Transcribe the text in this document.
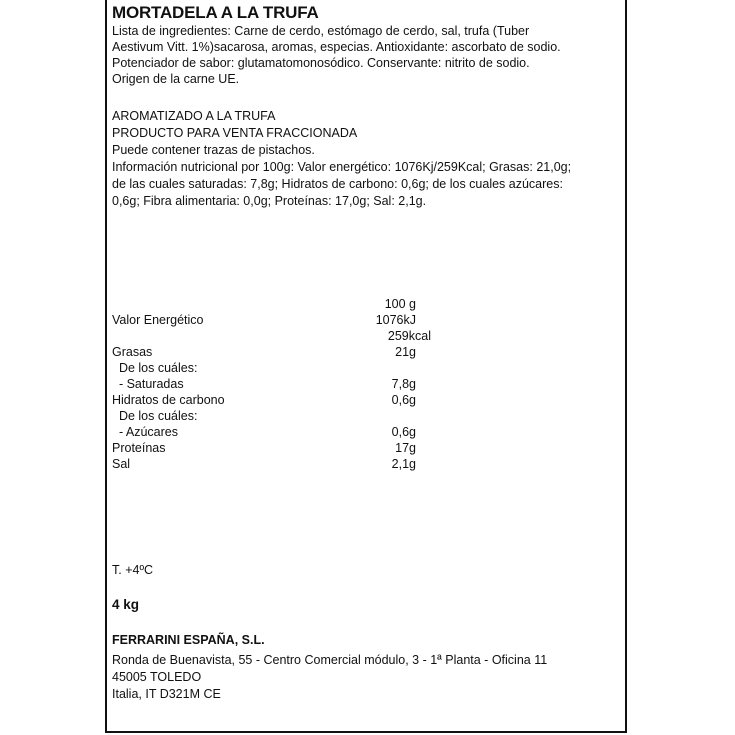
MORTADELA A LA TRUFA
Lista de ingredientes: Carne de cerdo, estómago de cerdo, sal, trufa (Tuber
Aestivum Vitt. 1%)sacarosa, aromas, especias. Antioxidante: ascorbato de sodio.
Potenciador de sabor: glutamatomonosódico. Conservante: nitrito de sodio.
Origen de la carne UE.
AROMATIZADO A LA TRUFA
PRODUCTO PARA VENTA FRACCIONADA
Puede contener trazas de pistachos.
Información nutricional por 100g: Valor energético: 1076Kj/259Kcal; Grasas: 21,0g;
de las cuales saturadas: 7,8g; Hidratos de carbono: 0,6g; de los cuales azúcares:
0,6g; Fibra alimentaria: 0,0g; Proteínas: 17,0g; Sal: 2,1g.
100 g
Valor Energético	1076kJ
259kcal
Grasas	21g
De los cuáles:
- Saturadas	7,8g
Hidratos de carbono	0,6g
De los cuáles:
- Azúcares	0,6g
Proteínas	17g
Sal	2,1g
T. +4ºC
4 kg
FERRARINI ESPAÑA, S.L.
Ronda de Buenavista, 55 - Centro Comercial módulo, 3 - 1ª Planta - Oficina 11
45005 TOLEDO
Italia, IT D321M CE
